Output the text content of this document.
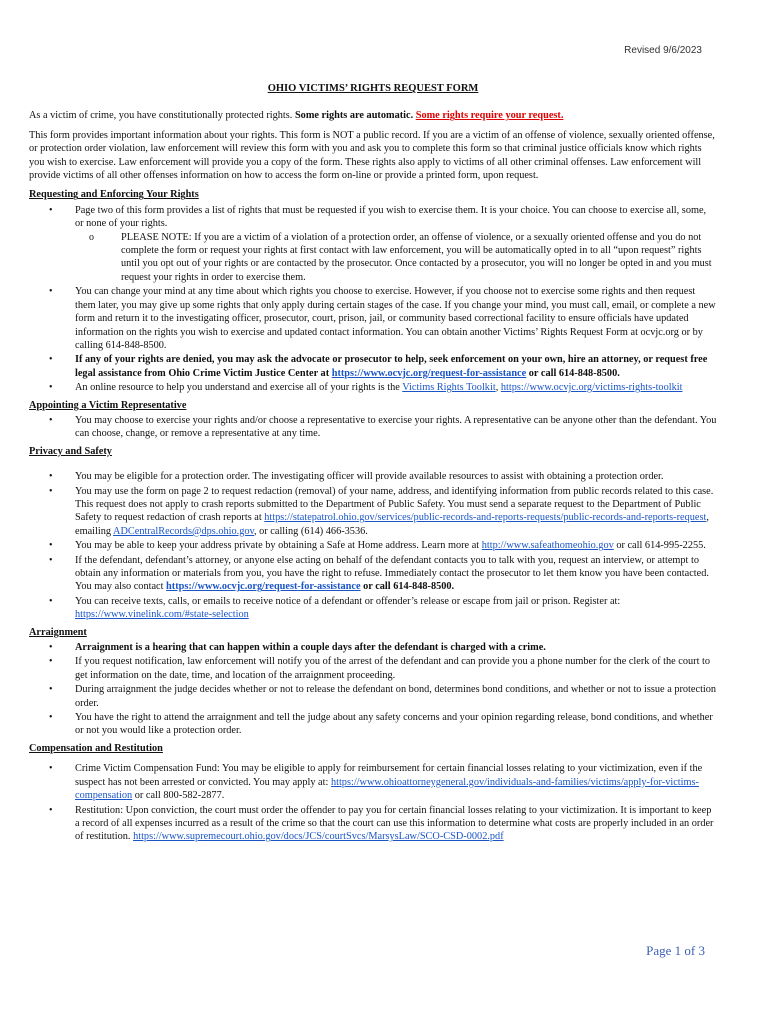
Revised 9/6/2023
OHIO VICTIMS’ RIGHTS REQUEST FORM

As a victim of crime, you have constitutionally protected rights. Some rights are automatic. Some rights require your request.

This form provides important information about your rights. This form is NOT a public record. If you are a victim of an offense of violence, sexually oriented offense, or protection order violation, law enforcement will review this form with you and ask you to complete this form so that criminal justice officials know which rights you wish to exercise. Law enforcement will provide you a copy of the form. These rights also apply to victims of all other criminal offenses. Law enforcement will provide victims of all other offenses information on how to access the form on-line or provide a printed form, upon request.

Requesting and Enforcing Your Rights
• Page two of this form provides a list of rights that must be requested if you wish to exercise them. It is your choice. You can choose to exercise all, some, or none of your rights.
o	PLEASE NOTE: If you are a victim of a violation of a protection order, an offense of violence, or a sexually oriented offense and you do not complete the form or request your rights at first contact with law enforcement, you will be automatically opted in to all “upon request” rights until you opt out of your rights or are contacted by the prosecutor. Once contacted by a prosecutor, you will no longer be opted in and you must request your rights in order to exercise them.
• You can change your mind at any time about which rights you choose to exercise. However, if you choose not to exercise some rights and then request them later, you may give up some rights that only apply during certain stages of the case. If you change your mind, you must call, email, or complete a new form and return it to the investigating officer, prosecutor, court, prison, jail, or community based correctional facility to ensure officials have updated information on the rights you wish to exercise and updated contact information. You can obtain another Victims’ Rights Request Form at ocvjc.org or by calling 614-848-8500.
• If any of your rights are denied, you may ask the advocate or prosecutor to help, seek enforcement on your own, hire an attorney, or request free legal assistance from Ohio Crime Victim Justice Center at https://www.ocvjc.org/request-for-assistance or call 614-848-8500.
• An online resource to help you understand and exercise all of your rights is the Victims Rights Toolkit, https://www.ocvjc.org/victims-rights-toolkit
Appointing a Victim Representative
• You may choose to exercise your rights and/or choose a representative to exercise your rights. A representative can be anyone other than the defendant. You can choose, change, or remove a representative at any time.
Privacy and Safety
• You may be eligible for a protection order. The investigating officer will provide available resources to assist with obtaining a protection order.
• You may use the form on page 2 to request redaction (removal) of your name, address, and identifying information from public records related to this case. This request does not apply to crash reports submitted to the Department of Public Safety. You must send a separate request to the Department of Public Safety to request redaction of crash reports at https://statepatrol.ohio.gov/services/public-records-and-reports-requests/public-records-and-reports-request, emailing ADCentralRecords@dps.ohio.gov, or calling (614) 466-3536.
• You may be able to keep your address private by obtaining a Safe at Home address. Learn more at http://www.safeathomeohio.gov or call 614-995-2255.
• If the defendant, defendant’s attorney, or anyone else acting on behalf of the defendant contacts you to talk with you, request an interview, or attempt to obtain any information or materials from you, you have the right to refuse. Immediately contact the prosecutor to let them know you have been contacted. You may also contact https://www.ocvjc.org/request-for-assistance or call 614-848-8500.
• You can receive texts, calls, or emails to receive notice of a defendant or offender’s release or escape from jail or prison. Register at: https://www.vinelink.com/#state-selection
Arraignment
• Arraignment is a hearing that can happen within a couple days after the defendant is charged with a crime.
• If you request notification, law enforcement will notify you of the arrest of the defendant and can provide you a phone number for the clerk of the court to get information on the date, time, and location of the arraignment proceeding.
• During arraignment the judge decides whether or not to release the defendant on bond, determines bond conditions, and whether or not to issue a protection order.
• You have the right to attend the arraignment and tell the judge about any safety concerns and your opinion regarding release, bond conditions, and whether or not you would like a protection order.
Compensation and Restitution
• Crime Victim Compensation Fund: You may be eligible to apply for reimbursement for certain financial losses relating to your victimization, even if the suspect has not been arrested or convicted. You may apply at: https://www.ohioattorneygeneral.gov/individuals-and-families/victims/apply-for-victims-compensation or call 800-582-2877.
• Restitution: Upon conviction, the court must order the offender to pay you for certain financial losses relating to your victimization. It is important to keep a record of all expenses incurred as a result of the crime so that the court can use this information to determine what costs are properly included in an order of restitution. https://www.supremecourt.ohio.gov/docs/JCS/courtSvcs/MarsysLaw/SCO-CSD-0002.pdf
Page 1 of 3
